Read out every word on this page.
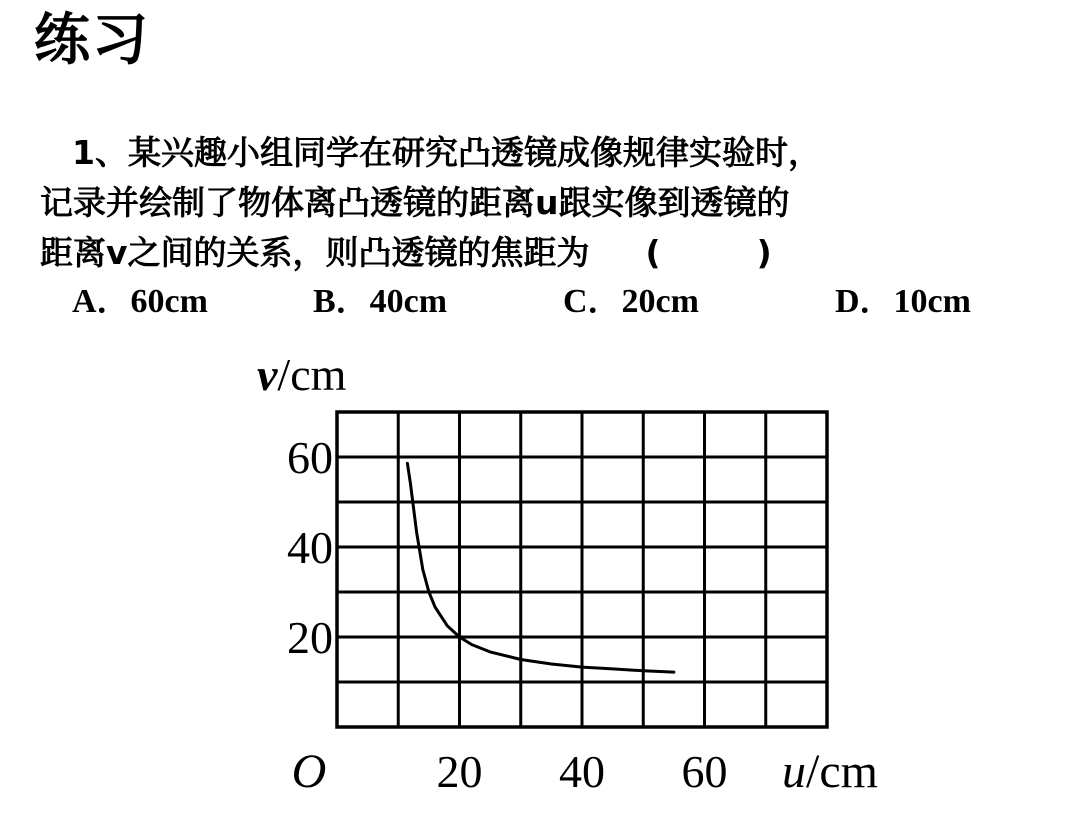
练习
1、某兴趣小组同学在研究凸透镜成像规律实验时，
记录并绘制了物体离凸透镜的距离u跟实像到透镜的
距离v之间的关系，则凸透镜的焦距为 (	)
A．60cm	B．40cm	C．20cm	D．10cm
20
40
60
20 40 60
O
v/cm
u/cm
